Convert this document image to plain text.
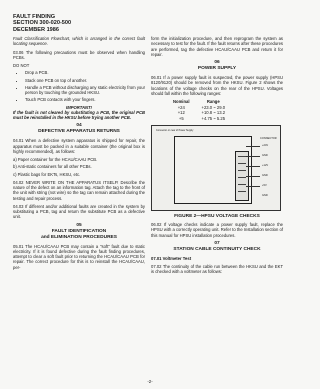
FAULT FINDING
SECTION 300-020-500
DECEMBER 1986

Fault Classification Flowchart, which is arranged in the correct fault locating sequence.

03.06 The following precautions must be observed when handling PCBs.

DO NOT
• Drop a PCB.
• Stack one PCB on top of another.
• Handle a PCB without discharging any static electricity from your person by touching the grounded HKSU.
• Touch PCB contacts with your fingers.
IMPORTANT!

If the fault is not cleared by substituting a PCB, the original PCB must be reinstalled in the HKSU before trying another PCB.

04
DEFECTIVE APPARATUS RETURNS

04.01 When a defective system apparatus is shipped for repair, the apparatus must be packed in a suitable container (the original box is highly recommended), as follows:

a) Paper container for the HCAU/CAAU PCB.
b) Anti-static containers for all other PCBs.
c) Plastic bags for EKTs, HKSU, etc.

04.02 NEVER WRITE ON THE APPARATUS ITSELF! Describe the nature of the defect on an information tag. Attach the tag to the front of the unit with string (not wire) so the tag can remain attached during the testing and repair process.

04.03 If different and/or additional faults are created in the system by substituting a PCB, tag and return the substitute PCB as a defective unit.

05
FAULT IDENTIFICATION
and ELIMINATION PROCEDURES

05.01 The HCAU/CAAU PCB may contain a "soft" fault due to static electricity. If it is found defective during the fault finding procedures, attempt to clear a soft fault prior to returning the HCAU/CAAU PCB for repair. The correct procedure for this is to reinstall the HCAU/CAAU, per-

form the initialization procedure, and then reprogram the system as necessary to test for the fault. If the fault returns after these procedures are performed, tag the defective HCAU/CAAU PCB and return it for repair.

06
POWER SUPPLY

06.01 If a power supply fault is suspected, the power supply (HPSU 8120/9120) should be removed from the HKSU. Figure 2 shows the locations of the voltage checks on the rear of the HPSU. Voltages should fall within the following ranges:

Nominal	Range
+24	+23.0 ~ 29.0
+12	+10.8 ~ 13.2
+5	+4.75 ~ 5.25
Connector on rear of Power Supply
CONNECTOR
+24V
GND
+12V
GND
+5V
GND
FIGURE 2—HPSU VOLTAGE CHECKS

06.02 If voltage checks indicate a power supply fault, replace the HPSU with a correctly operating unit. Refer to the Installation section of this manual for HPSU installation procedures.

07
STATION CABLE CONTINUITY CHECK

07.01 Voltmeter Test

07.02 The continuity of the cable run between the HKSU and the EKT is checked with a voltmeter as follows:

-2-
